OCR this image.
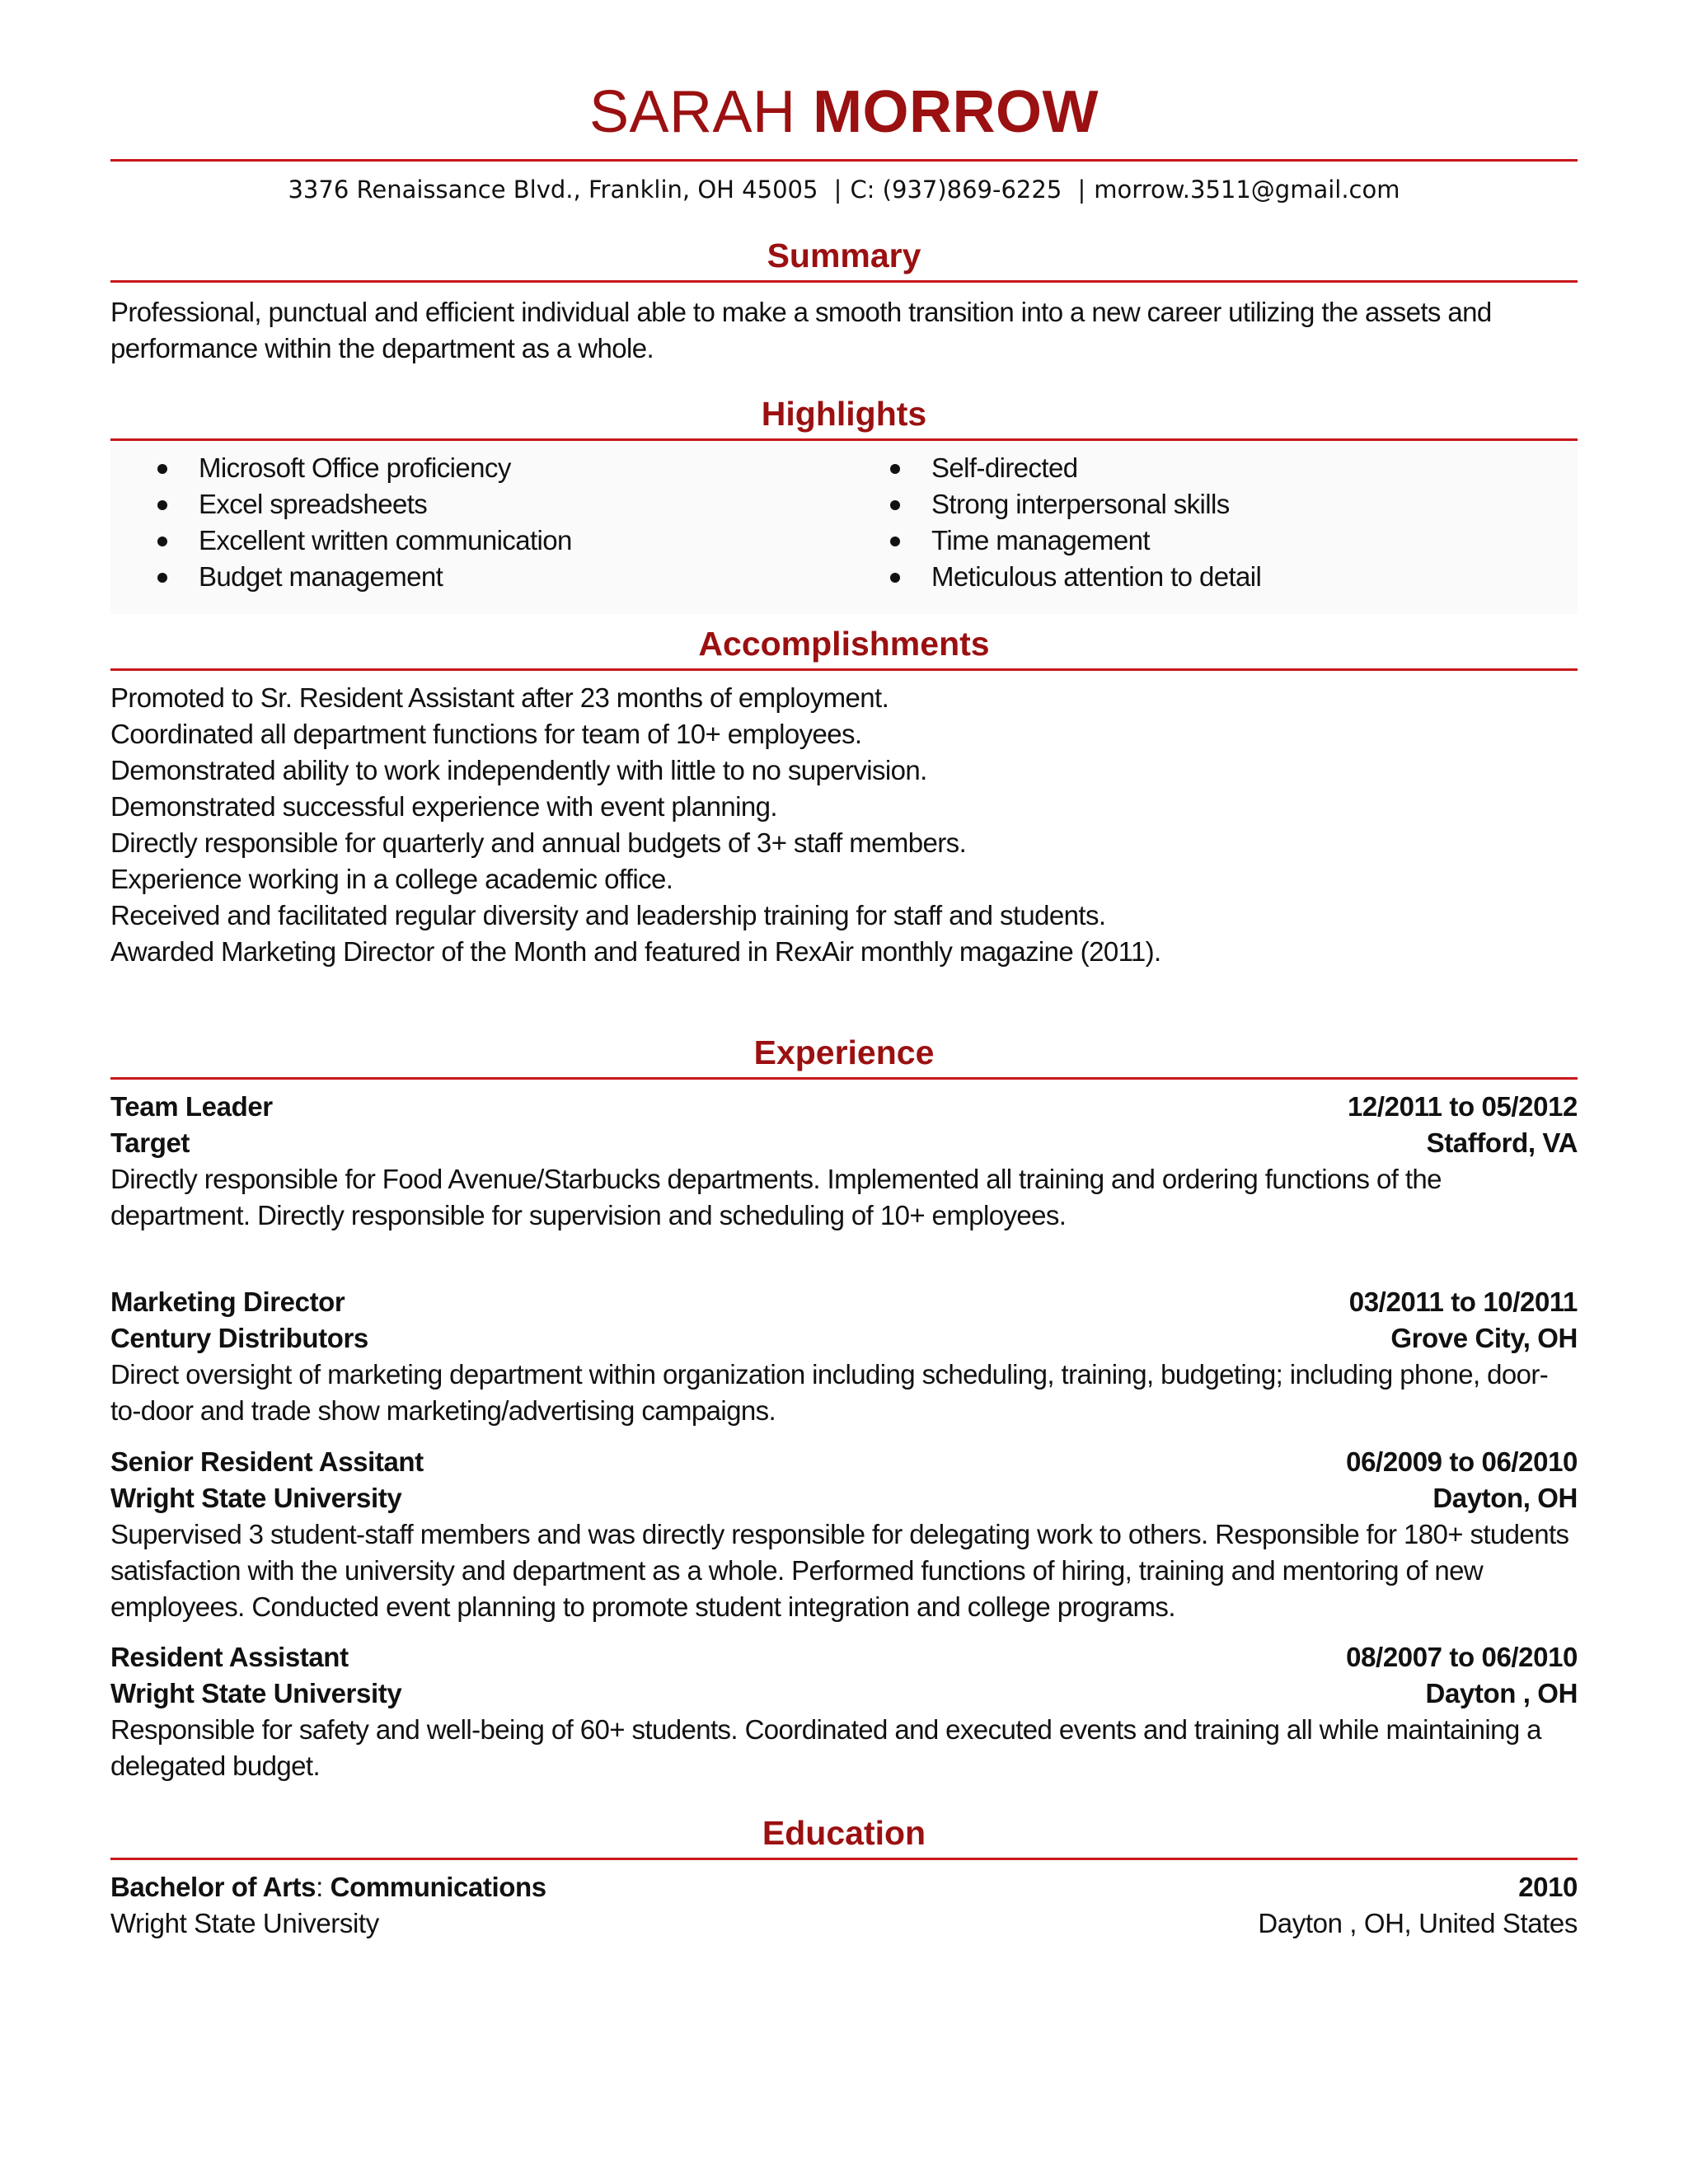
SARAH MORROW
3376 Renaissance Blvd., Franklin, OH 45005 | C: (937)869-6225 | morrow.3511@gmail.com
Summary
Professional, punctual and efficient individual able to make a smooth transition into a new career utilizing the assets and performance within the department as a whole.
Highlights
Microsoft Office proficiency
Excel spreadsheets
Excellent written communication
Budget management
Self-directed
Strong interpersonal skills
Time management
Meticulous attention to detail
Accomplishments
Promoted to Sr. Resident Assistant after 23 months of employment.
Coordinated all department functions for team of 10+ employees.
Demonstrated ability to work independently with little to no supervision.
Demonstrated successful experience with event planning.
Directly responsible for quarterly and annual budgets of 3+ staff members.
Experience working in a college academic office.
Received and facilitated regular diversity and leadership training for staff and students.
Awarded Marketing Director of the Month and featured in RexAir monthly magazine (2011).
Experience
Team Leader	12/2011 to 05/2012
Target	Stafford, VA
Directly responsible for Food Avenue/Starbucks departments. Implemented all training and ordering functions of the department. Directly responsible for supervision and scheduling of 10+ employees.
Marketing Director	03/2011 to 10/2011
Century Distributors	Grove City, OH
Direct oversight of marketing department within organization including scheduling, training, budgeting; including phone, door-to-door and trade show marketing/advertising campaigns.
Senior Resident Assitant	06/2009 to 06/2010
Wright State University	Dayton, OH
Supervised 3 student-staff members and was directly responsible for delegating work to others. Responsible for 180+ students satisfaction with the university and department as a whole. Performed functions of hiring, training and mentoring of new employees. Conducted event planning to promote student integration and college programs.
Resident Assistant	08/2007 to 06/2010
Wright State University	Dayton , OH
Responsible for safety and well-being of 60+ students. Coordinated and executed events and training all while maintaining a delegated budget.
Education
Bachelor of Arts: Communications	2010
Wright State University	Dayton , OH, United States
